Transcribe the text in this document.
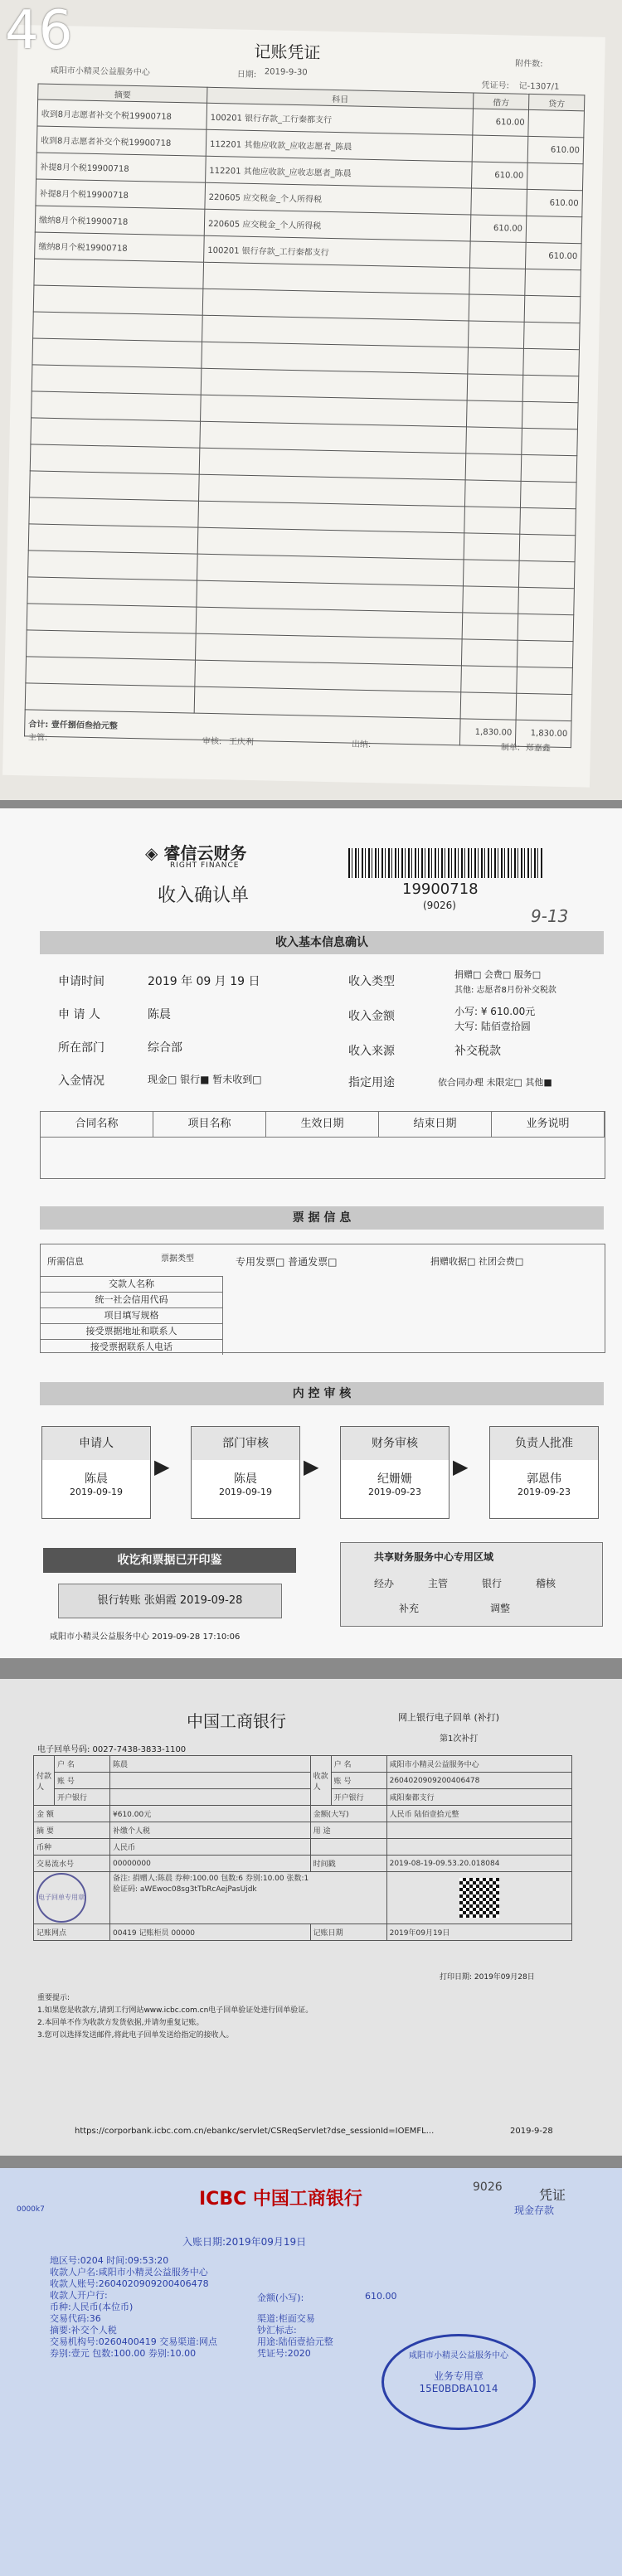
记账凭证
咸阳市小精灵公益服务中心	日期: 2019-9-30
附件数:
凭证号: 记-1307/1
摘要	科目	借方	贷方
收到8月志愿者补交个税19900718	100201 银行存款_工行秦都支行	610.00	
收到8月志愿者补交个税19900718	112201 其他应收款_应收志愿者_陈晨		610.00
补提8月个税19900718	112201 其他应收款_应收志愿者_陈晨	610.00	
补提8月个税19900718	220605 应交税金_个人所得税		610.00
缴纳8月个税19900718	220605 应交税金_个人所得税	610.00	
缴纳8月个税19900718	100201 银行存款_工行秦都支行		610.00

合计: 壹仟捌佰叁拾元整		1,830.00	1,830.00
主管:	审核: 王庆利	出纳:	制单: 郑嘉鑫
46
◈ 睿信云财务
RIGHT FINANCE
收入确认单	19900718
(9026)
9-13
收入基本信息确认
申请时间	2019 年 09 月 19 日
申 请 人	陈晨
所在部门	综合部
入金情况	现金□ 银行■ 暂未收到□
收入类型
捐赠□ 会费□ 服务□
其他: 志愿者8月份补交税款
收入金额	小写: ¥ 610.00元
大写: 陆佰壹拾圆
收入来源	补交税款
指定用途	依合同办理 未限定□ 其他■
合同名称	项目名称	生效日期	结束日期	业务说明
票 据 信 息
所需信息	票据类型	专用发票□ 普通发票□	捐赠收据□ 社团会费□
交款人名称
统一社会信用代码
项目填写规格
接受票据地址和联系人
接受票据联系人电话
内 控 审 核
申请人
陈晨
2019-09-19
▶
部门审核
陈晨
2019-09-19
▶
财务审核
纪姗姗
2019-09-23
▶
负责人批准
郭恩伟
2019-09-23
收讫和票据已开印鉴
银行转账 张娟霞 2019-09-28
共享财务服务中心专用区域
经办	主管	银行	稽核
补充	调整
咸阳市小精灵公益服务中心 2019-09-28 17:10:06
中国工商银行	网上银行电子回单 (补打)
第1次补打
电子回单号码: 0027-7438-3833-1100
付款人	户 名	陈晨	收款人	户 名	咸阳市小精灵公益服务中心
	账 号			账 号	2604020909200406478
	开户银行			开户银行	咸阳秦都支行
金 额		¥610.00元	金额(大写)		人民币 陆佰壹拾元整
摘 要		补缴个人税	用 途		
币种		人民币			
交易流水号		00000000	时间戳		2019-08-19-09.53.20.018084

电子回单专用章		备注: 捐赠人:陈晨 券种:100.00 包数:6 券别:10.00 张数:1
验证码: aWEwoc08sg3tTbRcAejPasUjdk			

记账网点		00419 记账柜员 00000	记账日期		2019年09月19日
打印日期: 2019年09月28日
重要提示:
1.如果您是收款方,请到工行网站www.icbc.com.cn电子回单验证处进行回单验证。
2.本回单不作为收款方发货依据,并请勿重复记账。
3.您可以选择发送邮件,将此电子回单发送给指定的接收人。
https://corporbank.icbc.com.cn/ebankc/servlet/CSReqServlet?dse_sessionId=IOEMFL...	2019-9-28
0000k7	ICBC 中国工商银行
9026	凭证
现金存款
入账日期:2019年09月19日
地区号:0204 时间:09:53:20
收款人户名:咸阳市小精灵公益服务中心
收款人账号:2604020909200406478
收款人开户行:
币种:人民币(本位币)
交易代码:36
摘要:补交个人税
交易机构号:0260400419 交易渠道:网点
券别:壹元 包数:100.00 券别:10.00
金额(小写):	610.00
渠道:柜面交易
钞汇标志:
用途:陆佰壹拾元整
凭证号:2020	咸阳市小精灵公益服务中心
业务专用章
15E0BDBA1014
